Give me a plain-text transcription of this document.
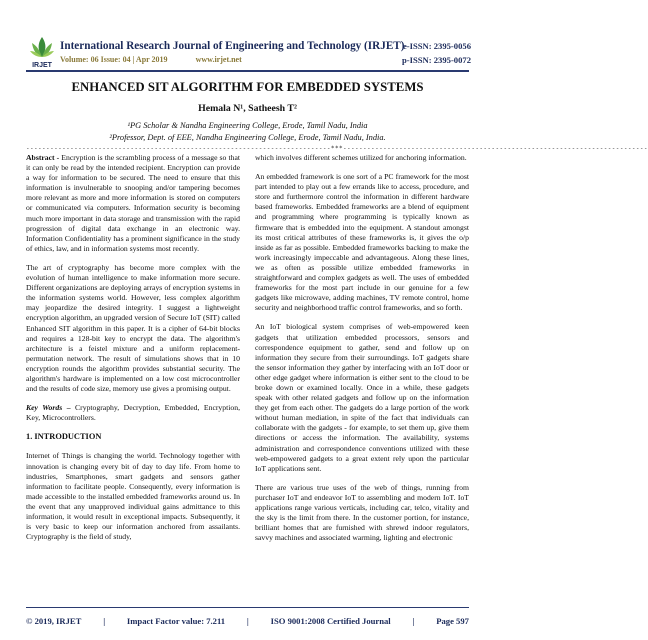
IRJET
International Research Journal of Engineering and Technology (IRJET)
Volume: 06 Issue: 04 | Apr 2019	www.irjet.net
e-ISSN: 2395-0056
p-ISSN: 2395-0072
ENHANCED SIT ALGORITHM FOR EMBEDDED SYSTEMS
Hemala N¹, Satheesh T²
¹PG Scholar & Nandha Engineering College, Erode, Tamil Nadu, India
²Professor, Dept. of EEE, Nandha Engineering College, Erode, Tamil Nadu, India.
----------------------------------------------------------------------------***----------------------------------------------------------------------------

Abstract - Encryption is the scrambling process of a message so that it can only be read by the intended recipient. Encryption can provide a way for information to be secured. The need to ensure that this information is invulnerable to snooping and/or tampering becomes more relevant as more and more information is stored on computers or communicated via computers. Information security is becoming much more important in data storage and transmission with the rapid progression of digital data exchange in an electronic way. Information Confidentiality has a prominent significance in the study of ethics, law, and in information systems most recently.

The art of cryptography has become more complex with the evolution of human intelligence to make information more secure. Different organizations are deploying arrays of encryption systems in the information systems world. However, less complex algorithm may jeopardize the desired integrity. I suggest a lightweight encryption algorithm, an upgraded version of Secure IoT (SIT) called Enhanced SIT algorithm in this paper. It is a cipher of 64-bit blocks and requires a 128-bit key to encrypt the data. The algorithm's architecture is a feistel mixture and a uniform replacement-permutation network. The result of simulations shows that in 10 encryption rounds the algorithm provides substantial security. The algorithm's hardware is implemented on a low cost microcontroller and the results of code size, memory use gives a promising output.

Key Words – Cryptography, Decryption, Embedded, Encryption, Key, Microcontrollers.

1. INTRODUCTION

Internet of Things is changing the world. Technology together with innovation is changing every bit of day to day life. From home to industries, Smartphones, smart gadgets and sensors gather information to facilitate people. Consequently, every information is made accessible to the installed embedded frameworks around us. In the event that any unapproved individual gains admittance to this information, it would result in exceptional impacts. Subsequently, it is very basic to keep our information anchored from assailants. Cryptography is the field of study,

which involves different schemes utilized for anchoring information.

An embedded framework is one sort of a PC framework for the most part intended to play out a few errands like to access, procedure, and store and furthermore control the information in different hardware based frameworks. Embedded frameworks are a blend of equipment and programming where programming is typically known as firmware that is embedded into the equipment. A standout amongst its most critical attributes of these frameworks is, it gives the o/p inside as far as possible. Embedded frameworks backing to make the work increasingly impeccable and advantageous. Along these lines, we as often as possible utilize embedded frameworks in straightforward and complex gadgets as well. The uses of embedded frameworks for the most part include in our genuine for a few gadgets like microwave, adding machines, TV remote control, home security and neighborhood traffic control frameworks, and so forth.

An IoT biological system comprises of web-empowered keen gadgets that utilization embedded processors, sensors and correspondence equipment to gather, send and follow up on information they secure from their surroundings. IoT gadgets share the sensor information they gather by interfacing with an IoT door or other edge gadget where information is either sent to the cloud to be broke down or examined locally. Once in a while, these gadgets speak with other related gadgets and follow up on the information they get from each other. The gadgets do a large portion of the work without human mediation, in spite of the fact that individuals can collaborate with the gadgets - for example, to set them up, give them directions or access the information. The availability, systems administration and correspondence conventions utilized with these web-empowered gadgets to a great extent rely upon the particular IoT applications sent.

There are various true uses of the web of things, running from purchaser IoT and endeavor IoT to assembling and modern IoT. IoT applications range various verticals, including car, telco, vitality and the sky is the limit from there. In the customer portion, for instance, brilliant homes that are furnished with shrewd indoor regulators, savvy machines and associated warming, lighting and electronic

© 2019, IRJET	|	Impact Factor value: 7.211	|	ISO 9001:2008 Certified Journal	|	Page 597
